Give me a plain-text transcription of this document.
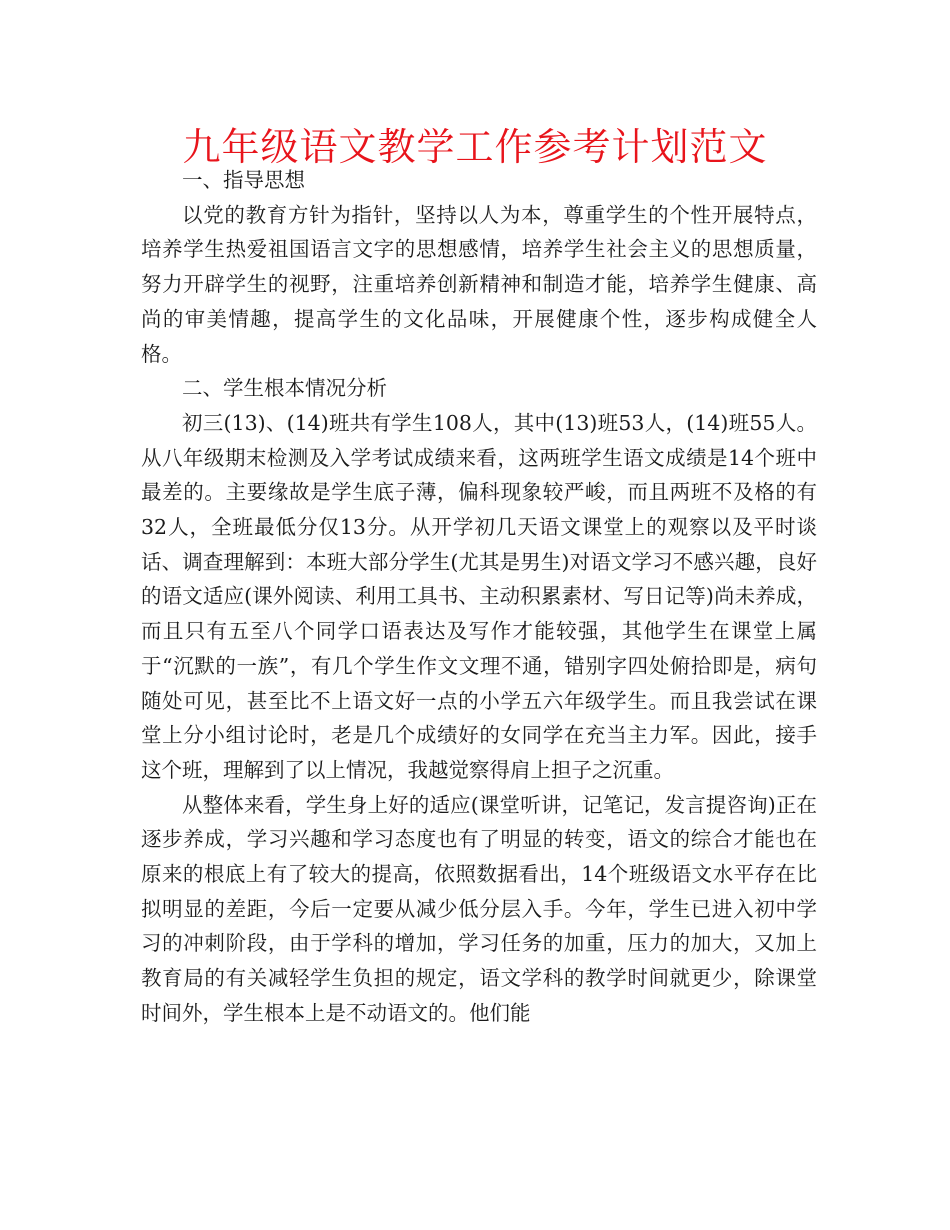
九年级语文教学工作参考计划范文

一、指导思想

以党的教育方针为指针，坚持以人为本，尊重学生的个性开展特点，培养学生热爱祖国语言文字的思想感情，培养学生社会主义的思想质量，努力开辟学生的视野，注重培养创新精神和制造才能，培养学生健康、高尚的审美情趣，提高学生的文化品味，开展健康个性，逐步构成健全人格。

二、学生根本情况分析

初三(13)、(14)班共有学生108人，其中(13)班53人，(14)班55人。从八年级期末检测及入学考试成绩来看，这两班学生语文成绩是14个班中最差的。主要缘故是学生底子薄，偏科现象较严峻，而且两班不及格的有32人，全班最低分仅13分。从开学初几天语文课堂上的观察以及平时谈话、调查理解到：本班大部分学生(尤其是男生)对语文学习不感兴趣，良好的语文适应(课外阅读、利用工具书、主动积累素材、写日记等)尚未养成，而且只有五至八个同学口语表达及写作才能较强，其他学生在课堂上属于“沉默的一族”，有几个学生作文文理不通，错别字四处俯拾即是，病句随处可见，甚至比不上语文好一点的小学五六年级学生。而且我尝试在课堂上分小组讨论时，老是几个成绩好的女同学在充当主力军。因此，接手这个班，理解到了以上情况，我越觉察得肩上担子之沉重。

从整体来看，学生身上好的适应(课堂听讲，记笔记，发言提咨询)正在逐步养成，学习兴趣和学习态度也有了明显的转变，语文的综合才能也在原来的根底上有了较大的提高，依照数据看出，14个班级语文水平存在比拟明显的差距，今后一定要从减少低分层入手。今年，学生已进入初中学习的冲刺阶段，由于学科的增加，学习任务的加重，压力的加大，又加上教育局的有关减轻学生负担的规定，语文学科的教学时间就更少，除课堂时间外，学生根本上是不动语文的。他们能
